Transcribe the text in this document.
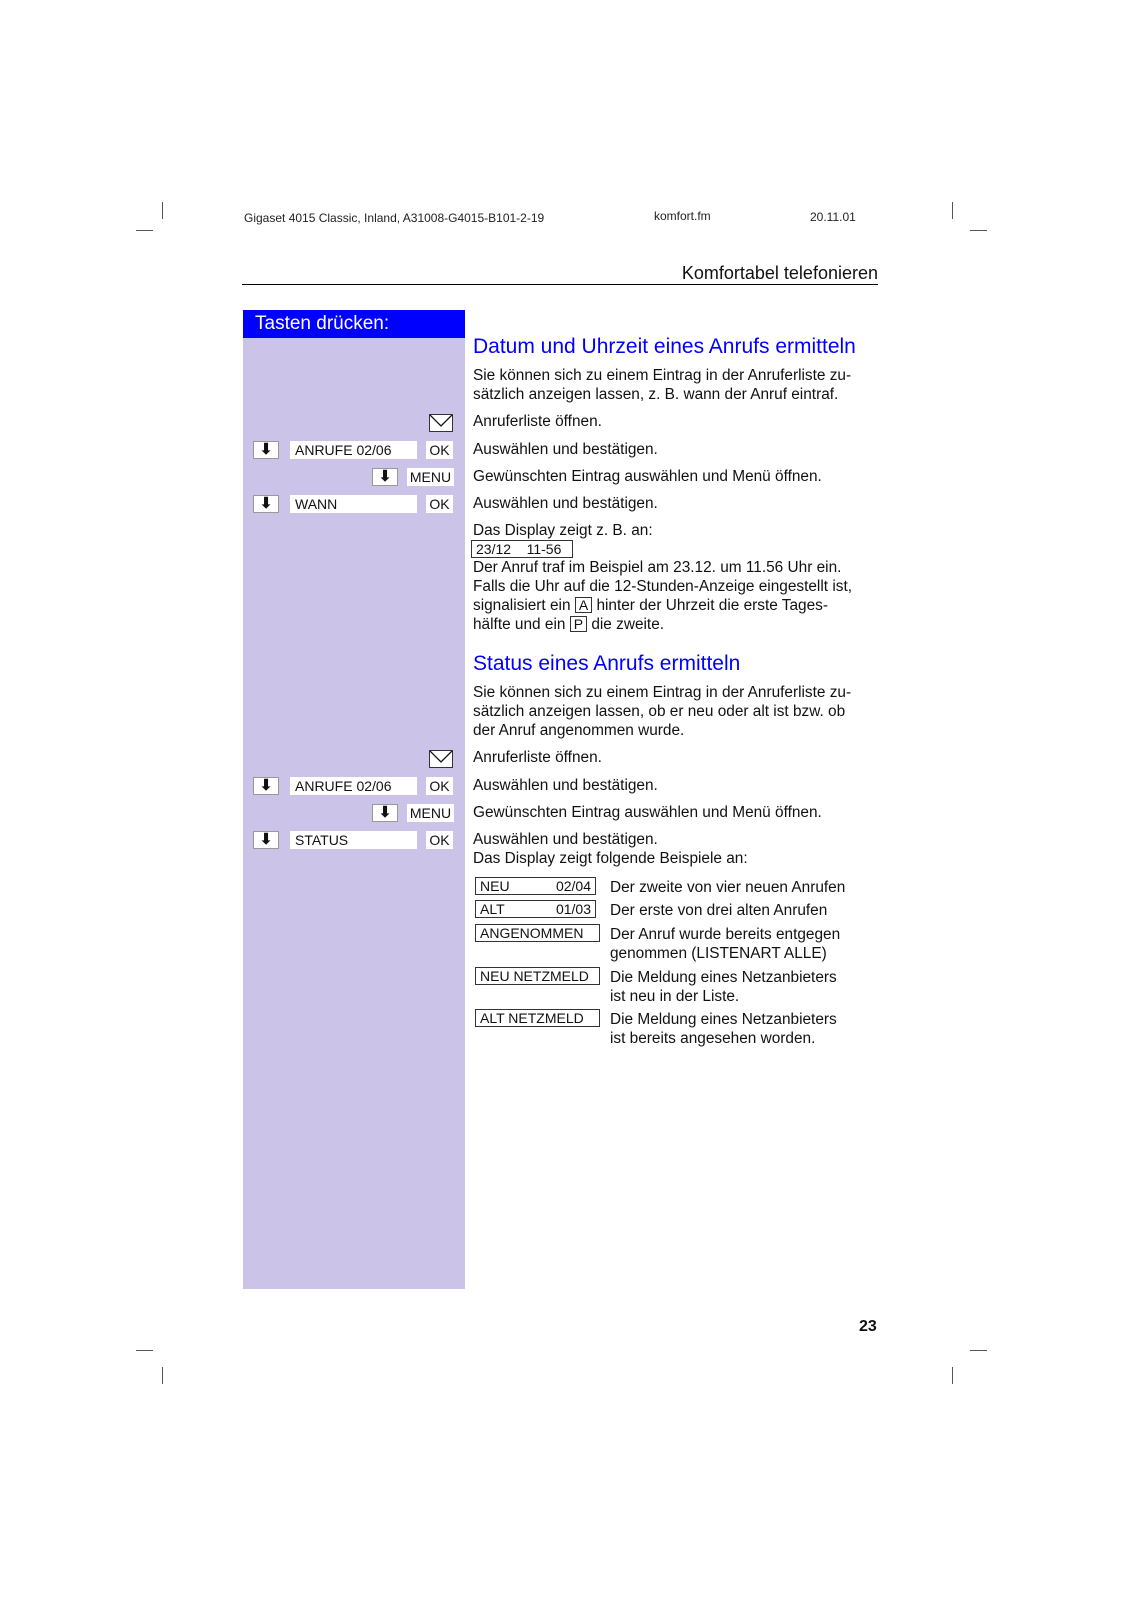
Gigaset 4015 Classic, Inland, A31008-G4015-B101-2-19	komfort.fm	20.11.01
Komfortabel telefonieren
Tasten drücken:
Datum und Uhrzeit eines Anrufs ermitteln
Sie können sich zu einem Eintrag in der Anruferliste zu-
sätzlich anzeigen lassen, z. B. wann der Anruf eintraf.
Anruferliste öffnen.
⬇	ANRUFE 02/06	OK Auswählen und bestätigen.
⬇	MENU Gewünschten Eintrag auswählen und Menü öffnen.
⬇	WANN	OK Auswählen und bestätigen.
Das Display zeigt z. B. an:
23/12    11-56
Der Anruf traf im Beispiel am 23.12. um 11.56 Uhr ein.
Falls die Uhr auf die 12-Stunden-Anzeige eingestellt ist,
signalisiert ein A hinter der Uhrzeit die erste Tages-
hälfte und ein P die zweite.
Status eines Anrufs ermitteln
Sie können sich zu einem Eintrag in der Anruferliste zu-
sätzlich anzeigen lassen, ob er neu oder alt ist bzw. ob
der Anruf angenommen wurde.
Anruferliste öffnen.
⬇	ANRUFE 02/06	OK Auswählen und bestätigen.
⬇	MENU Gewünschten Eintrag auswählen und Menü öffnen.
⬇	STATUS	OK Auswählen und bestätigen.
Das Display zeigt folgende Beispiele an:
NEU	02/04 Der zweite von vier neuen Anrufen
ALT	01/03 Der erste von drei alten Anrufen
ANGENOMMEN	Der Anruf wurde bereits entgegen
genommen (LISTENART ALLE)
NEU NETZMELD	Die Meldung eines Netzanbieters
ist neu in der Liste.
ALT NETZMELD	Die Meldung eines Netzanbieters
ist bereits angesehen worden.
23
